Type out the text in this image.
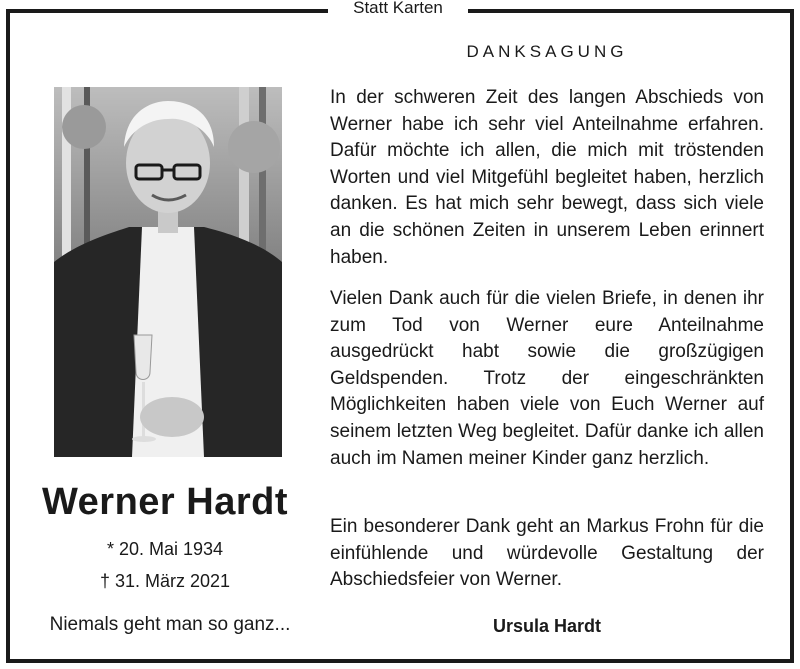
Statt Karten
Werner Hardt
* 20. Mai 1934
† 31. März 2021
Niemals geht man so ganz...
DANKSAGUNG

In der schweren Zeit des langen Abschieds von Werner habe ich sehr viel Anteilnahme erfahren. Dafür möchte ich allen, die mich mit tröstenden Worten und viel Mitgefühl begleitet haben, herzlich danken. Es hat mich sehr bewegt, dass sich viele an die schönen Zeiten in unserem Leben erinnert haben.

Vielen Dank auch für die vielen Briefe, in denen ihr zum Tod von Werner eure Anteilnahme ausgedrückt habt sowie die großzügigen Geldspenden. Trotz der eingeschränkten Möglichkeiten haben viele von Euch Werner auf seinem letzten Weg begleitet. Dafür danke ich allen auch im Namen meiner Kinder ganz herzlich.

Ein besonderer Dank geht an Markus Frohn für die einfühlende und würdevolle Gestaltung der Abschiedsfeier von Werner.

Ursula Hardt
